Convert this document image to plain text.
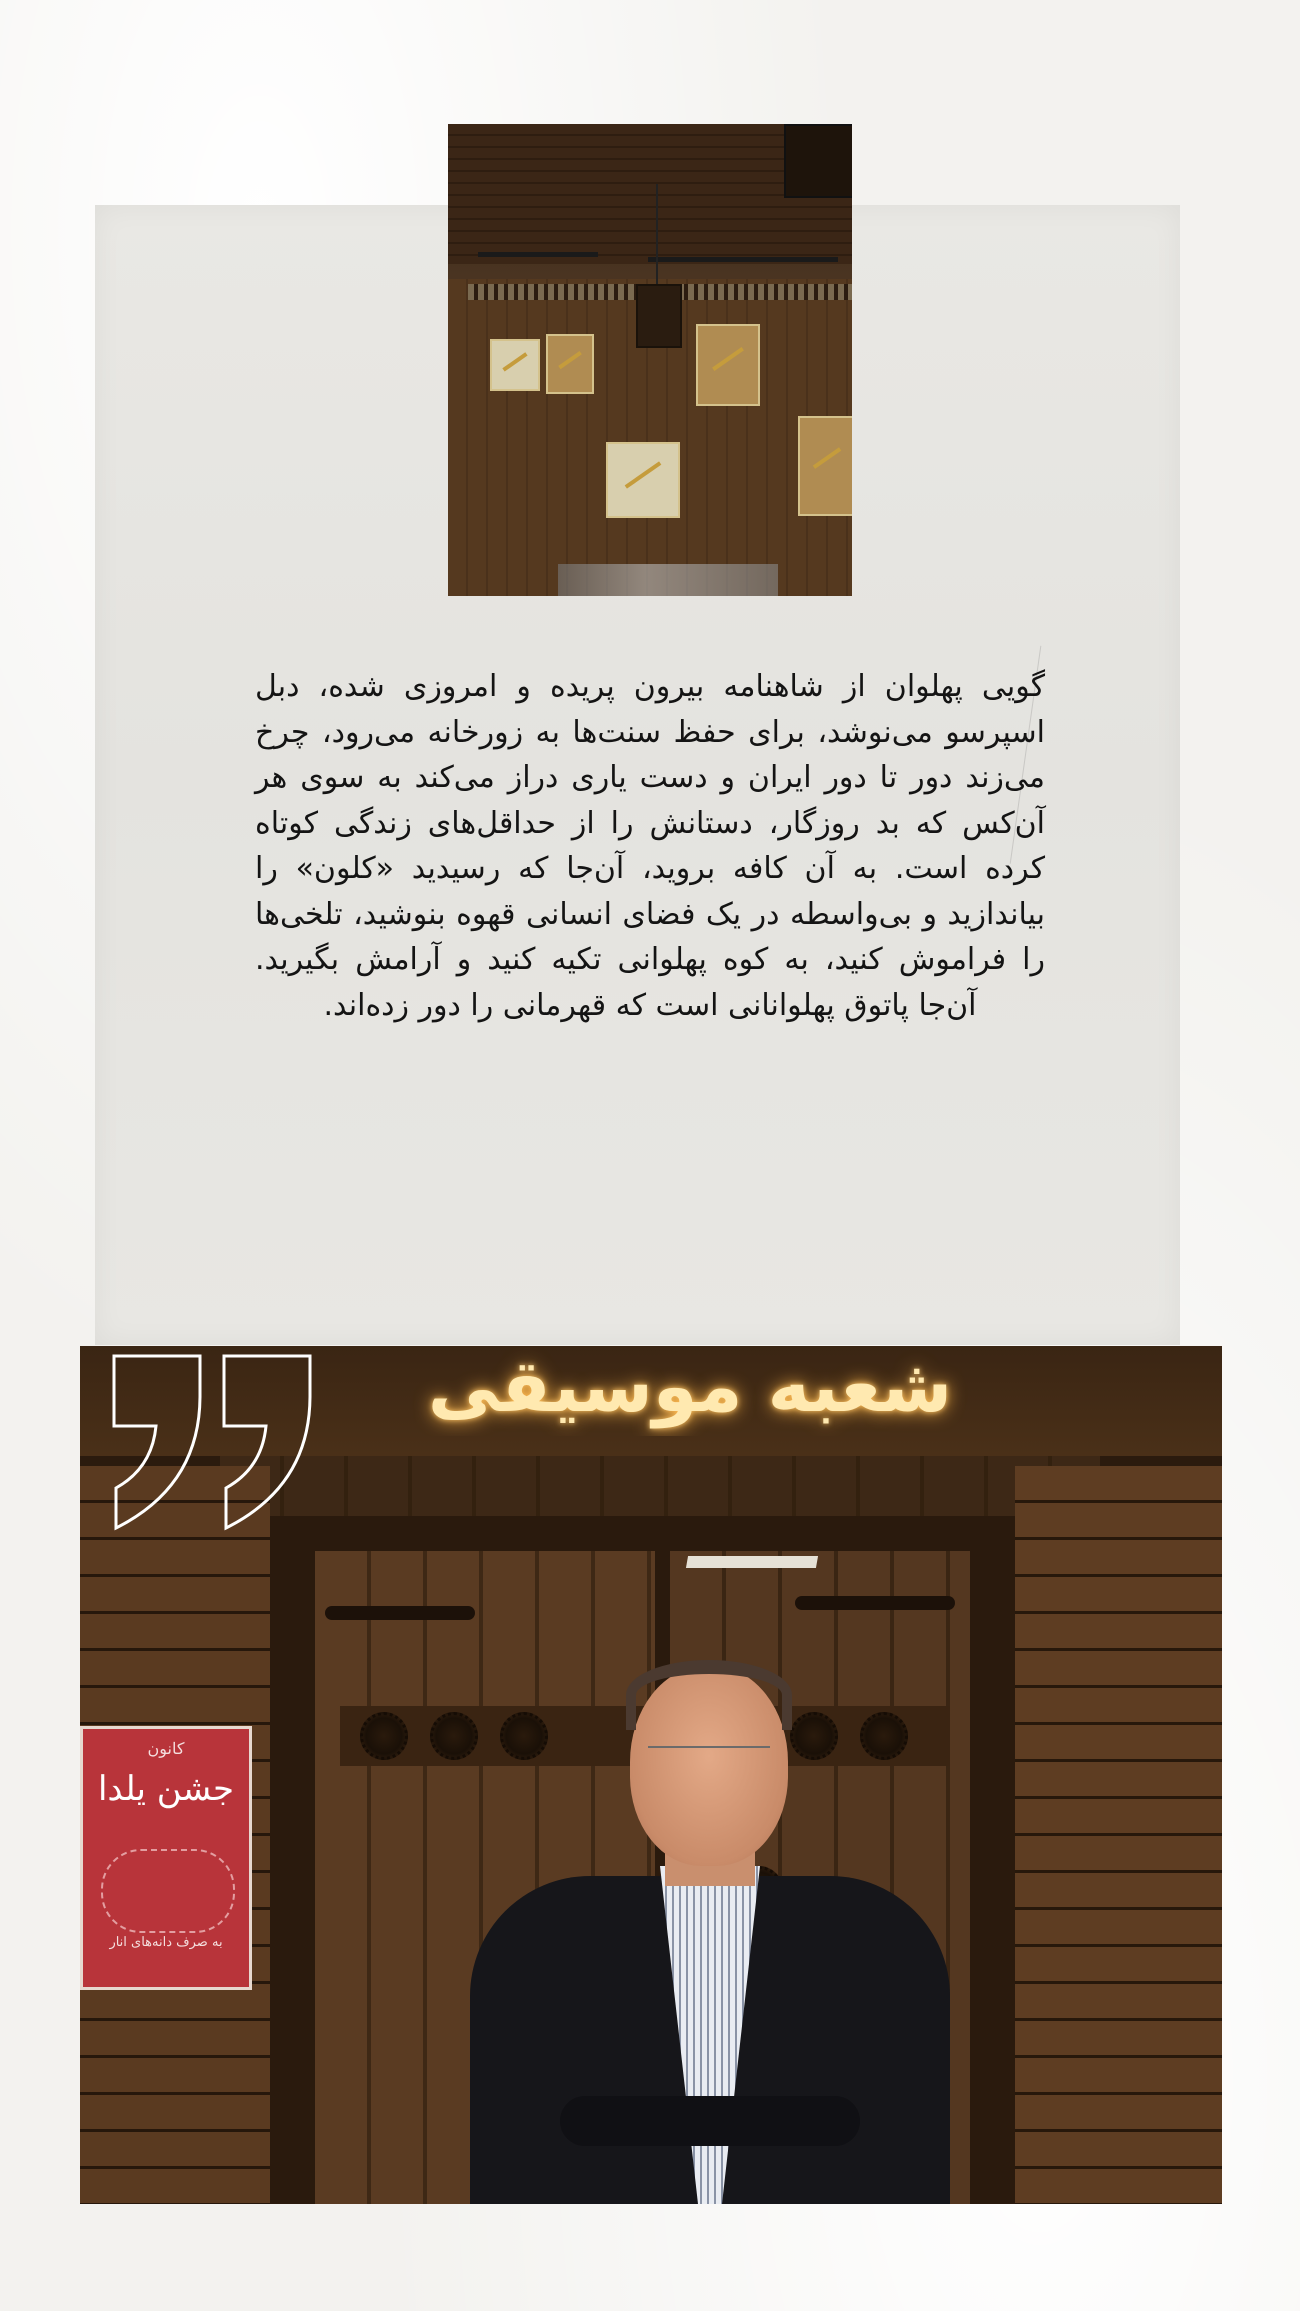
گویی پهلوان از شاهنامه بیرون پریده و امروزی شده، دبل اسپرسو می‌نوشد، برای حفظ سنت‌ها به زورخانه می‌رود، چرخ می‌زند دور تا دور ایران و دست یاری دراز می‌کند به سوی هر آن‌کس که بد روزگار، دستانش را از حداقل‌های زندگی کوتاه کرده است. به آن کافه بروید، آن‌جا که رسیدید «کلون» را بیاندازید و بی‌واسطه در یک فضای انسانی قهوه بنوشید، تلخی‌ها را فراموش کنید، به کوه پهلوانی تکیه کنید و آرامش بگیرید. آن‌جا پاتوق پهلوانانی است که قهرمانی را دور زده‌اند.
شعبه موسیقی
کانون
جشن یلدا
به صرف دانه‌های انار
